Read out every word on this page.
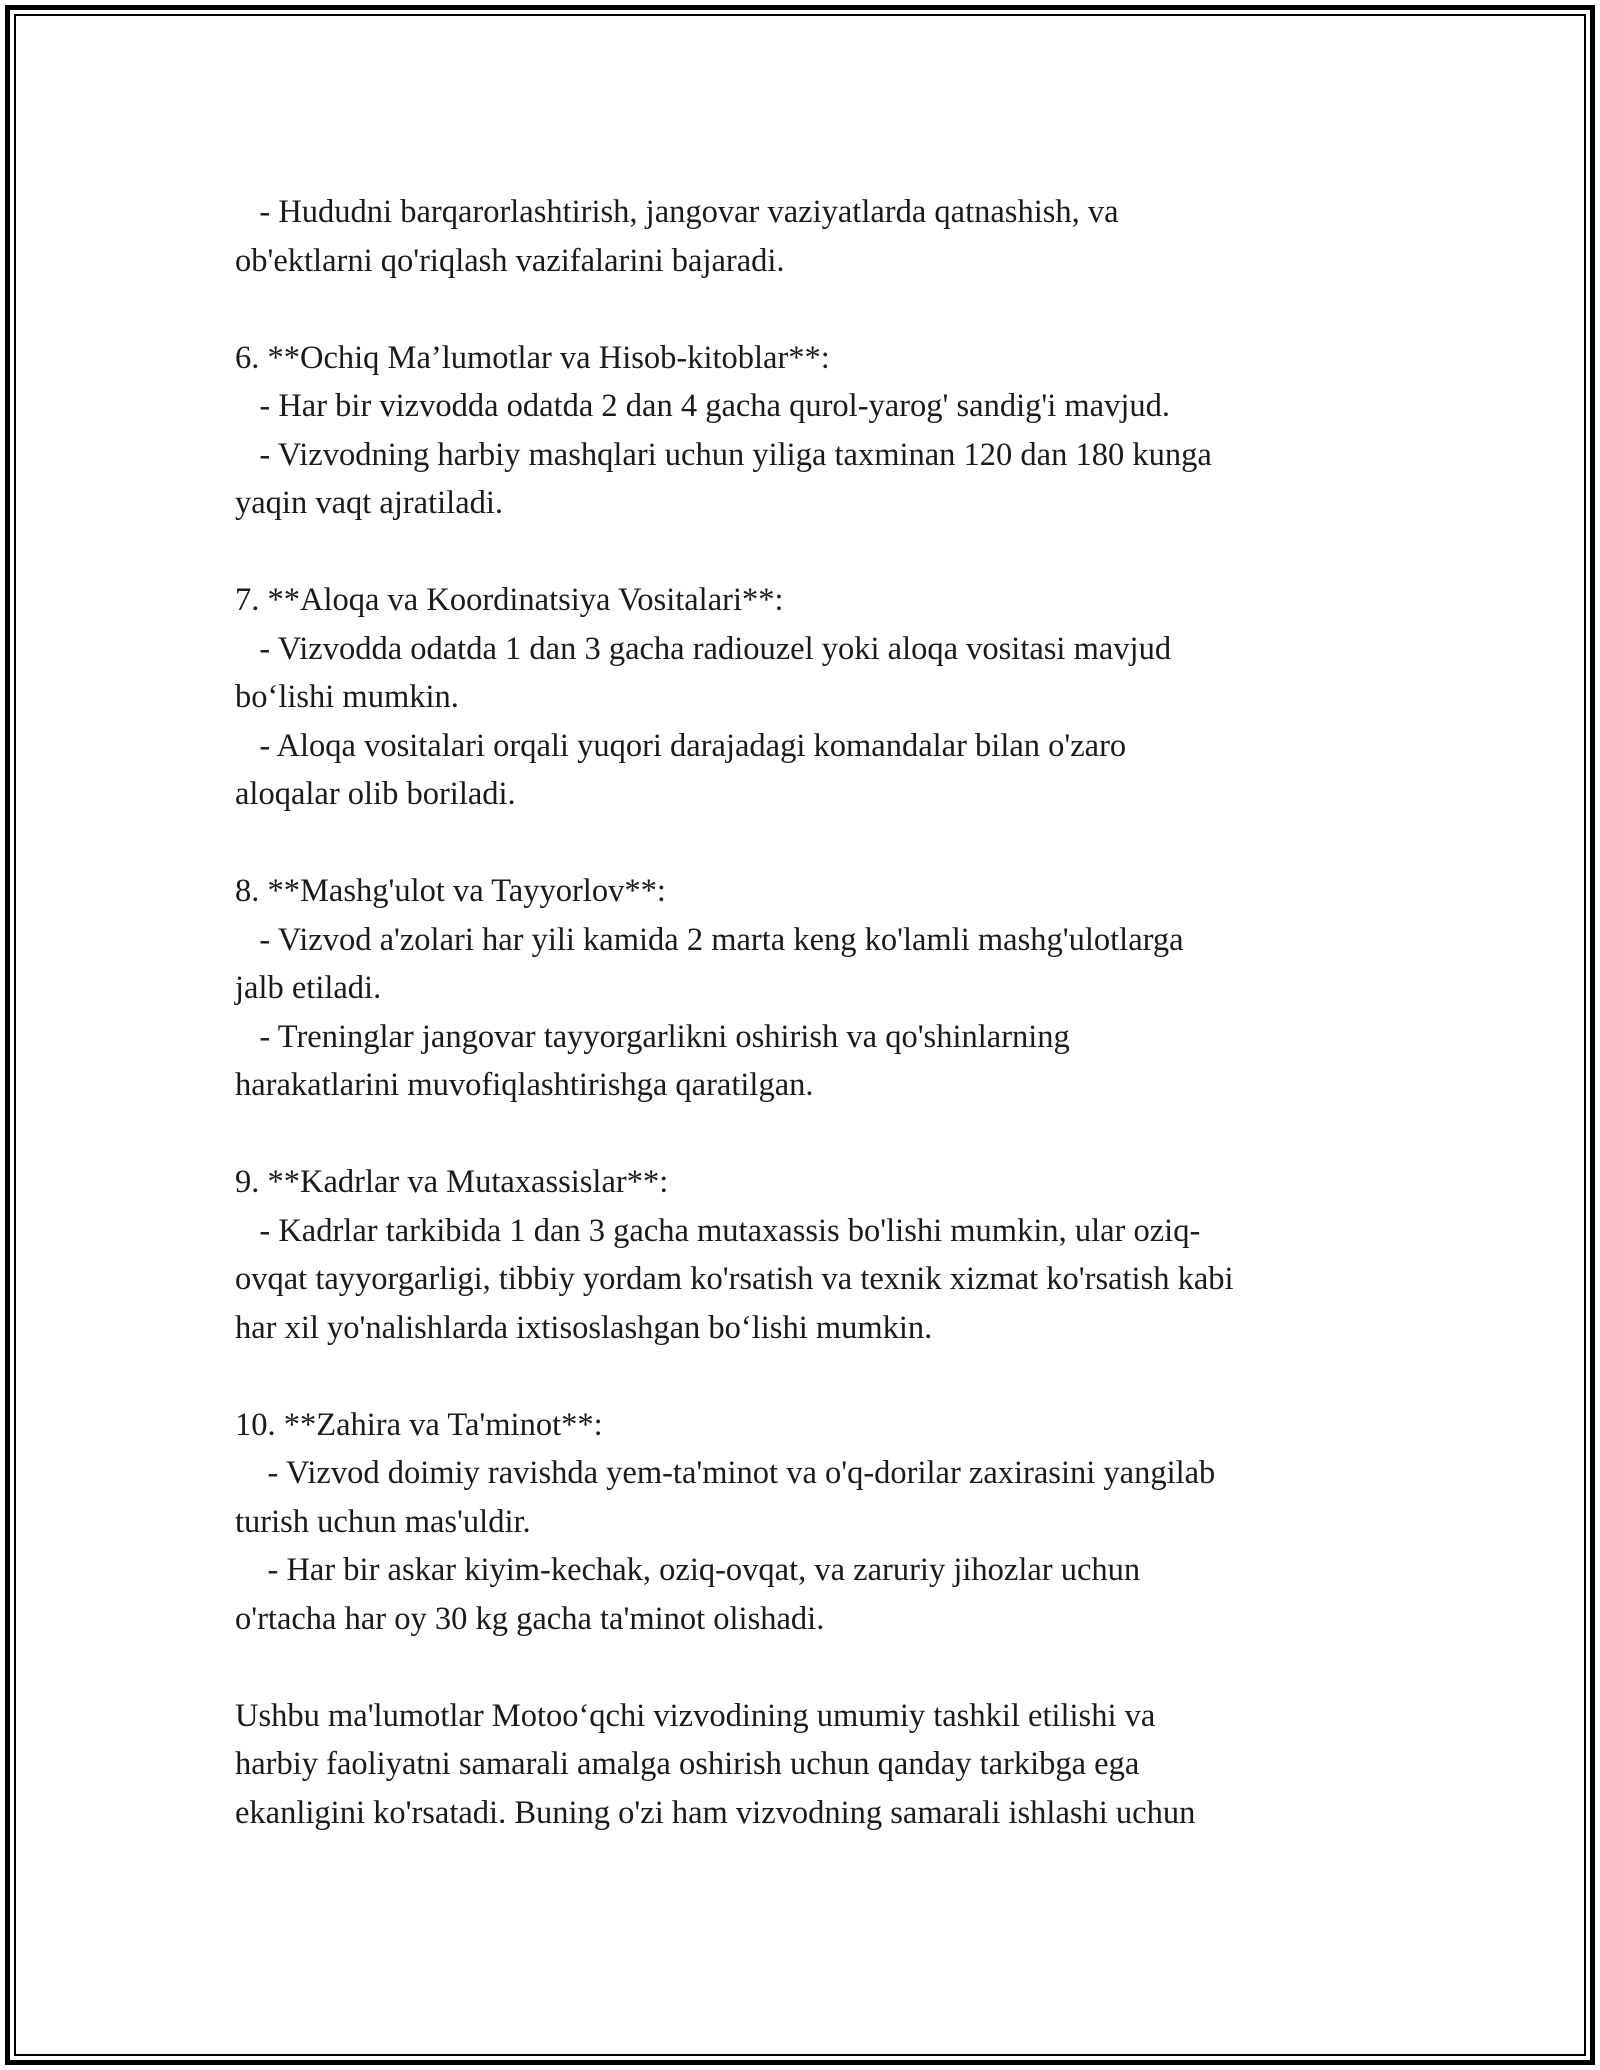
- Hududni barqarorlashtirish, jangovar vaziyatlarda qatnashish, va
ob'ektlarni qo'riqlash vazifalarini bajaradi.
6. **Ochiq Ma’lumotlar va Hisob-kitoblar**:
- Har bir vizvodda odatda 2 dan 4 gacha qurol-yarog' sandig'i mavjud.
- Vizvodning harbiy mashqlari uchun yiliga taxminan 120 dan 180 kunga
yaqin vaqt ajratiladi.
7. **Aloqa va Koordinatsiya Vositalari**:
- Vizvodda odatda 1 dan 3 gacha radiouzel yoki aloqa vositasi mavjud
bo‘lishi mumkin.
- Aloqa vositalari orqali yuqori darajadagi komandalar bilan o'zaro
aloqalar olib boriladi.
8. **Mashg'ulot va Tayyorlov**:
- Vizvod a'zolari har yili kamida 2 marta keng ko'lamli mashg'ulotlarga
jalb etiladi.
- Treninglar jangovar tayyorgarlikni oshirish va qo'shinlarning
harakatlarini muvofiqlashtirishga qaratilgan.
9. **Kadrlar va Mutaxassislar**:
- Kadrlar tarkibida 1 dan 3 gacha mutaxassis bo'lishi mumkin, ular oziq-
ovqat tayyorgarligi, tibbiy yordam ko'rsatish va texnik xizmat ko'rsatish kabi
har xil yo'nalishlarda ixtisoslashgan bo‘lishi mumkin.
10. **Zahira va Ta'minot**:
- Vizvod doimiy ravishda yem-ta'minot va o'q-dorilar zaxirasini yangilab
turish uchun mas'uldir.
- Har bir askar kiyim-kechak, oziq-ovqat, va zaruriy jihozlar uchun
o'rtacha har oy 30 kg gacha ta'minot olishadi.
Ushbu ma'lumotlar Motoo‘qchi vizvodining umumiy tashkil etilishi va
harbiy faoliyatni samarali amalga oshirish uchun qanday tarkibga ega
ekanligini ko'rsatadi. Buning o'zi ham vizvodning samarali ishlashi uchun
